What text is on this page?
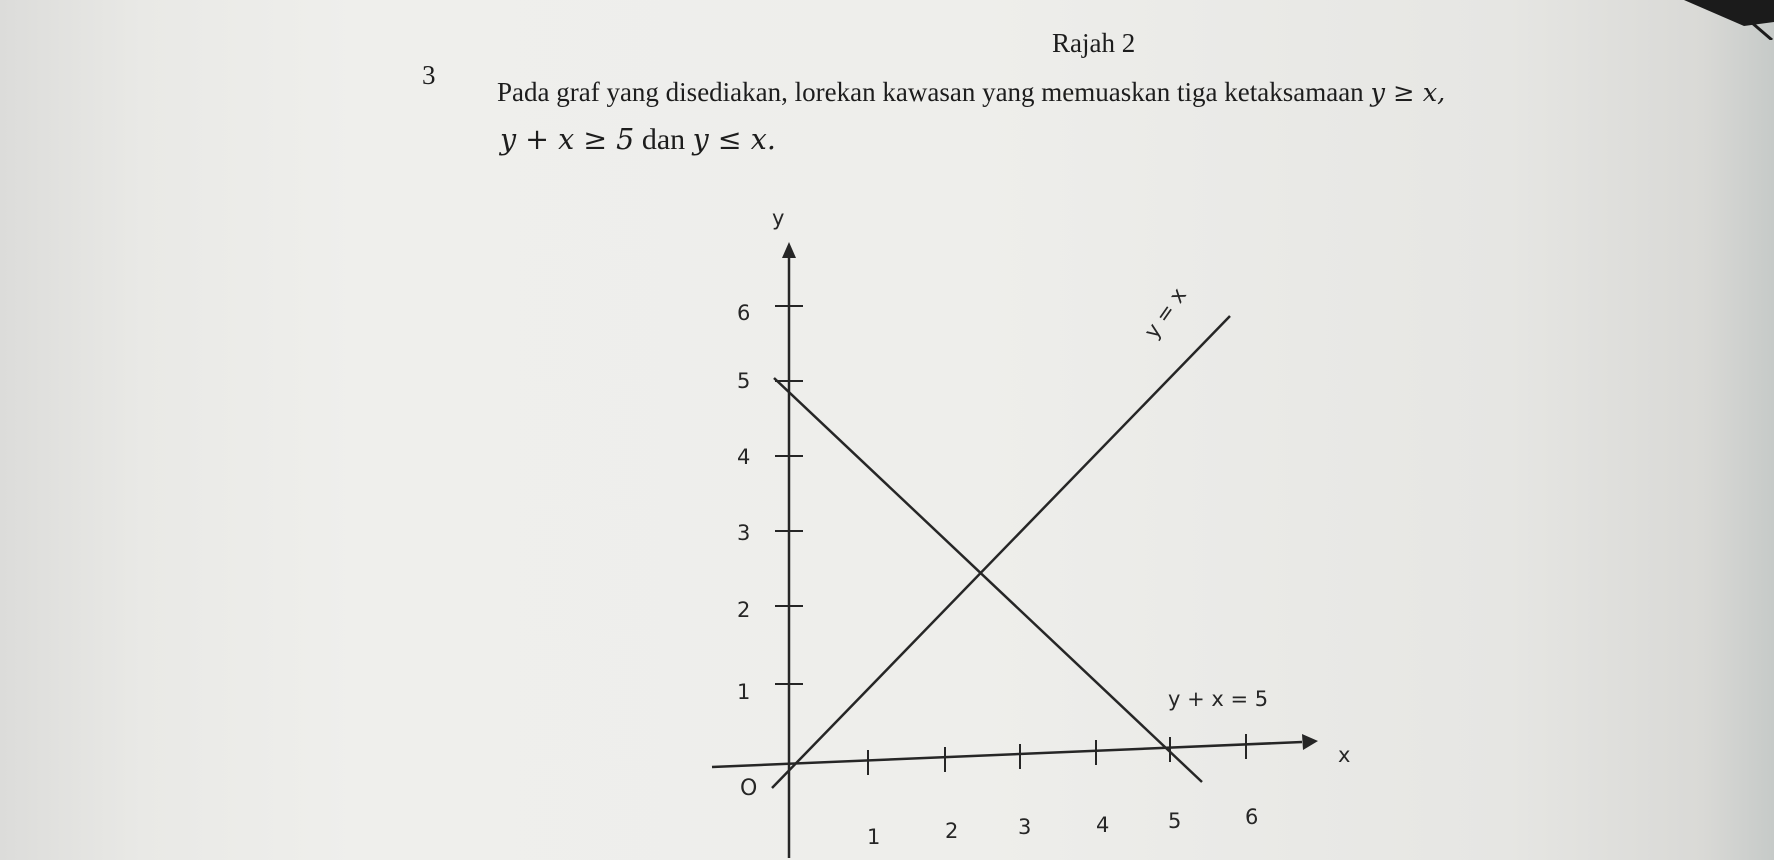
Rajah 2
3
Pada graf yang disediakan, lorekan kawasan yang memuaskan tiga ketaksamaan y ≥ x,
y + x ≥ 5 dan y ≤ x.
6
5
4
3
2
1
1	2	3	4	5	6
y
x
O
y = x
y + x = 5
